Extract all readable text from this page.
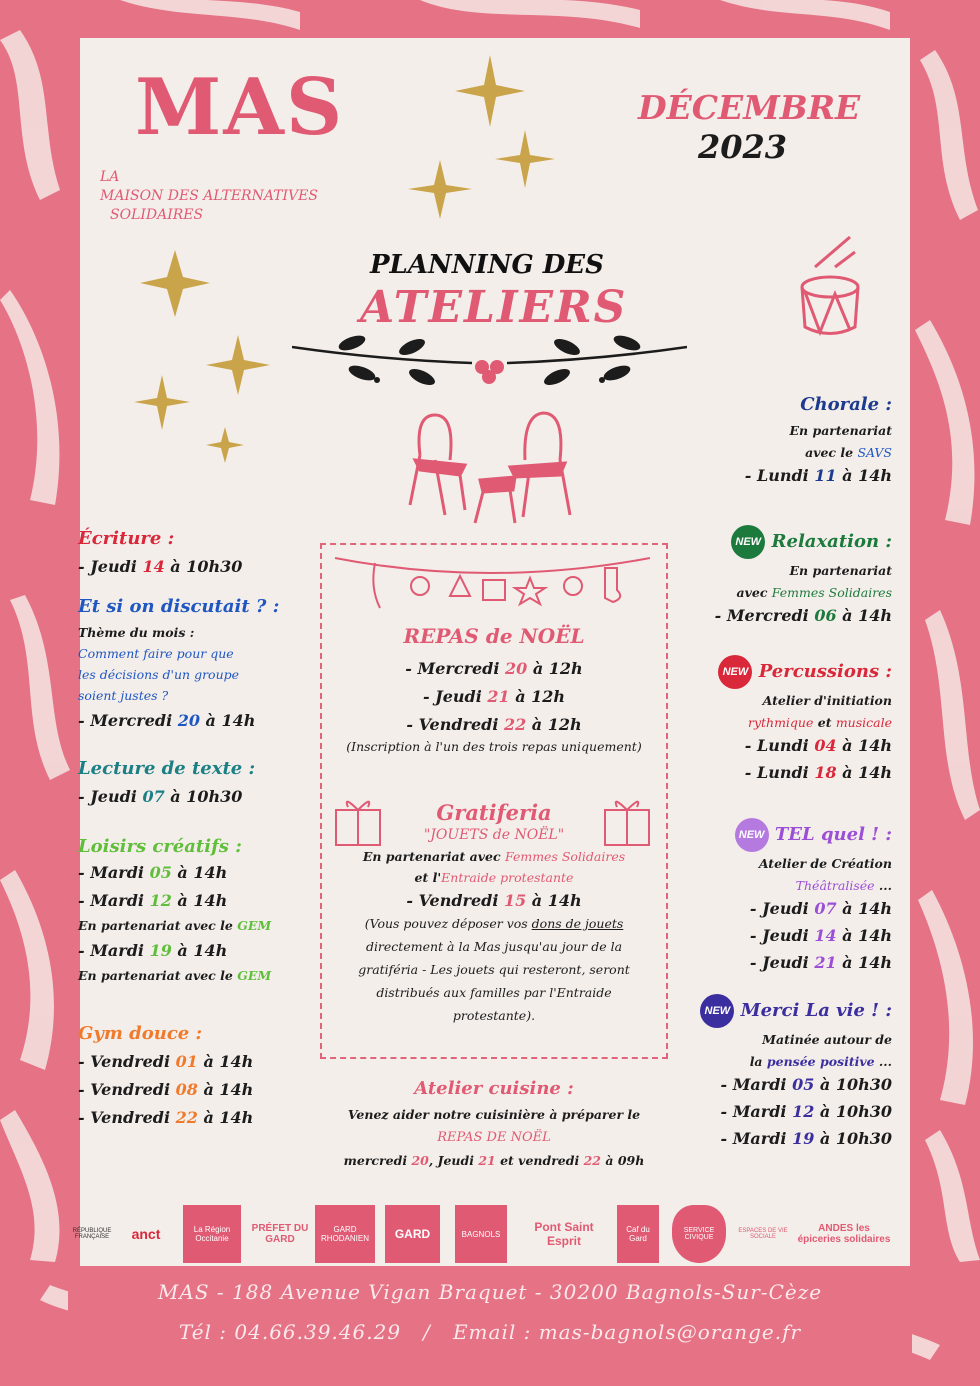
MAS
LA
MAISON DES ALTERNATIVES
SOLIDAIRES
DÉCEMBRE
2023
PLANNING DES
ATELIERS
Écriture :
- Jeudi 14 à 10h30
Et si on discutait ? :
Thème du mois :
Comment faire pour que
les décisions d'un groupe
soient justes ?
- Mercredi 20 à 14h
Lecture de texte :
- Jeudi 07 à 10h30
Loisirs créatifs :
- Mardi 05 à 14h
- Mardi 12 à 14h
En partenariat avec le GEM
- Mardi 19 à 14h
En partenariat avec le GEM
Gym douce :
- Vendredi 01 à 14h
- Vendredi 08 à 14h
- Vendredi 22 à 14h
REPAS de NOËL
- Mercredi 20 à 12h
- Jeudi 21 à 12h
- Vendredi 22 à 12h
(Inscription à l'un des trois repas uniquement)
Gratiferia
"JOUETS de NOËL"
En partenariat avec Femmes Solidaires
et l'Entraide protestante
- Vendredi 15 à 14h
(Vous pouvez déposer vos dons de jouets
directement à la Mas jusqu'au jour de la
gratiféria - Les jouets qui resteront, seront
distribués aux familles par l'Entraide
protestante).
Atelier cuisine :
Venez aider notre cuisinière à préparer le
REPAS DE NOËL
mercredi 20, Jeudi 21 et vendredi 22 à 09h
Chorale :
En partenariat
avec le SAVS
- Lundi 11 à 14h
NEW Relaxation :
En partenariat
avec Femmes Solidaires
- Mercredi 06 à 14h
NEW Percussions :
Atelier d'initiation
rythmique et musicale
- Lundi 04 à 14h
- Lundi 18 à 14h
NEW TEL quel ! :
Atelier de Création
Théâtralisée ...
- Jeudi 07 à 14h
- Jeudi 14 à 14h
- Jeudi 21 à 14h
NEW Merci La vie ! :
Matinée autour de
la pensée positive ...
- Mardi 05 à 10h30
- Mardi 12 à 10h30
- Mardi 19 à 10h30
RÉPUBLIQUE FRANÇAISE	anct	La Région Occitanie
PRÉFET DU GARD
GARD RHODANIEN	GARD	BAGNOLS	Pont Saint Esprit
Caf du Gard
SERVICE CIVIQUE
ESPACES DE VIE SOCIALE
ANDES les épiceries solidaires
MAS - 188 Avenue Vigan Braquet - 30200 Bagnols-Sur-Cèze
Tél : 04.66.39.46.29   /   Email : mas-bagnols@orange.fr
